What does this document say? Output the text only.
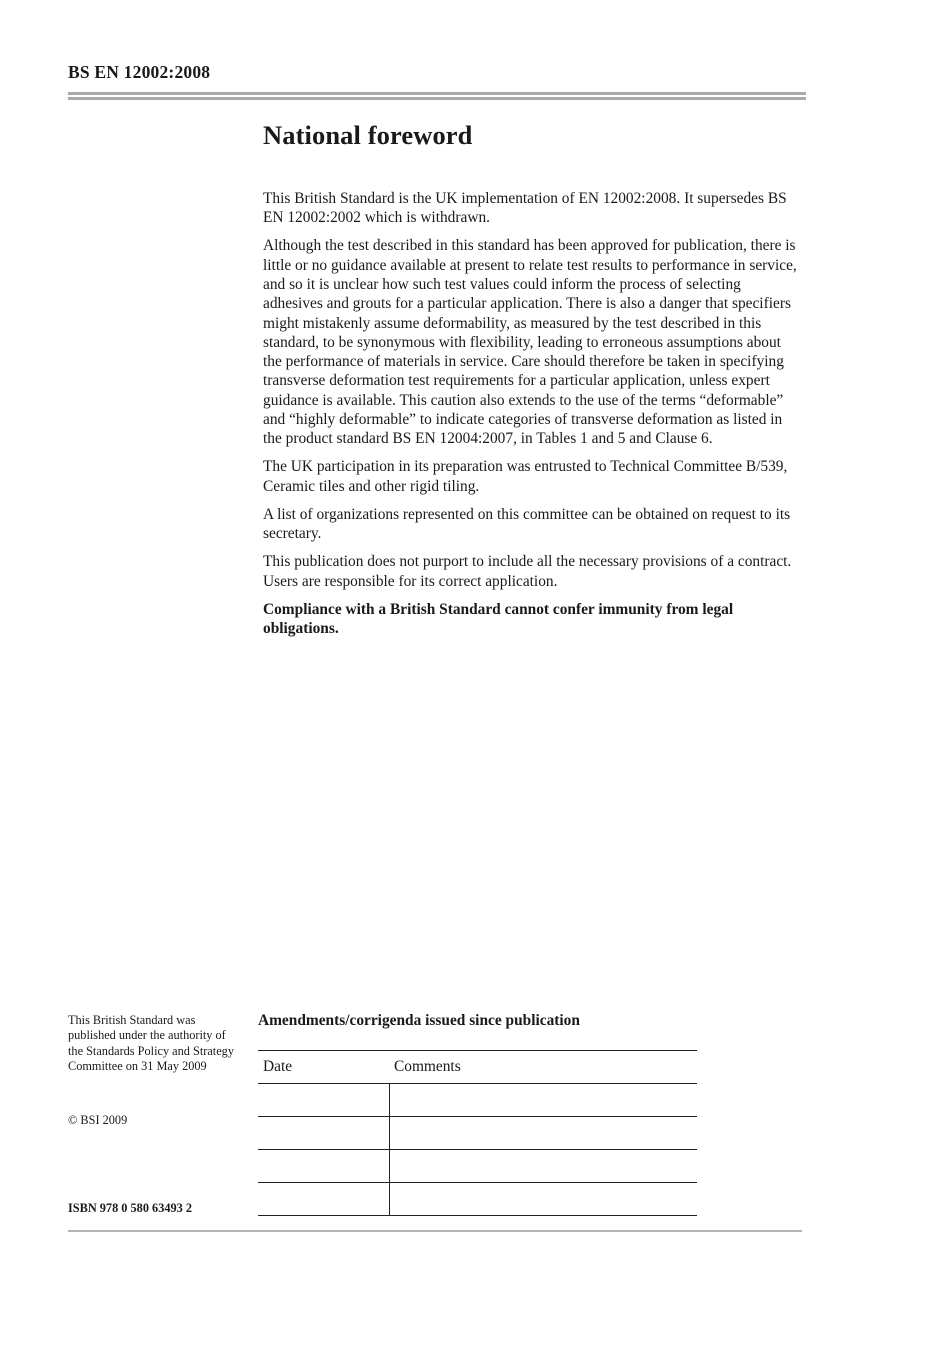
BS EN 12002:2008
National foreword

This British Standard is the UK implementation of EN 12002:2008. It supersedes BS EN 12002:2002 which is withdrawn.

Although the test described in this standard has been approved for publication, there is little or no guidance available at present to relate test results to performance in service, and so it is unclear how such test values could inform the process of selecting adhesives and grouts for a particular application. There is also a danger that specifiers might mistakenly assume deformability, as measured by the test described in this standard, to be synonymous with flexibility, leading to erroneous assumptions about the performance of materials in service. Care should therefore be taken in specifying transverse deformation test requirements for a particular application, unless expert guidance is available. This caution also extends to the use of the terms “deformable” and “highly deformable” to indicate categories of transverse deformation as listed in the product standard BS EN 12004:2007, in Tables 1 and 5 and Clause 6.

The UK participation in its preparation was entrusted to Technical Committee B/539, Ceramic tiles and other rigid tiling.

A list of organizations represented on this committee can be obtained on request to its secretary.

This publication does not purport to include all the necessary provisions of a contract. Users are responsible for its correct application.

Compliance with a British Standard cannot confer immunity from legal obligations.

This British Standard was published under the authority of the Standards Policy and Strategy Committee on 31 May 2009
© BSI 2009
ISBN 978 0 580 63493 2
Amendments/corrigenda issued since publication
Date	Comments
